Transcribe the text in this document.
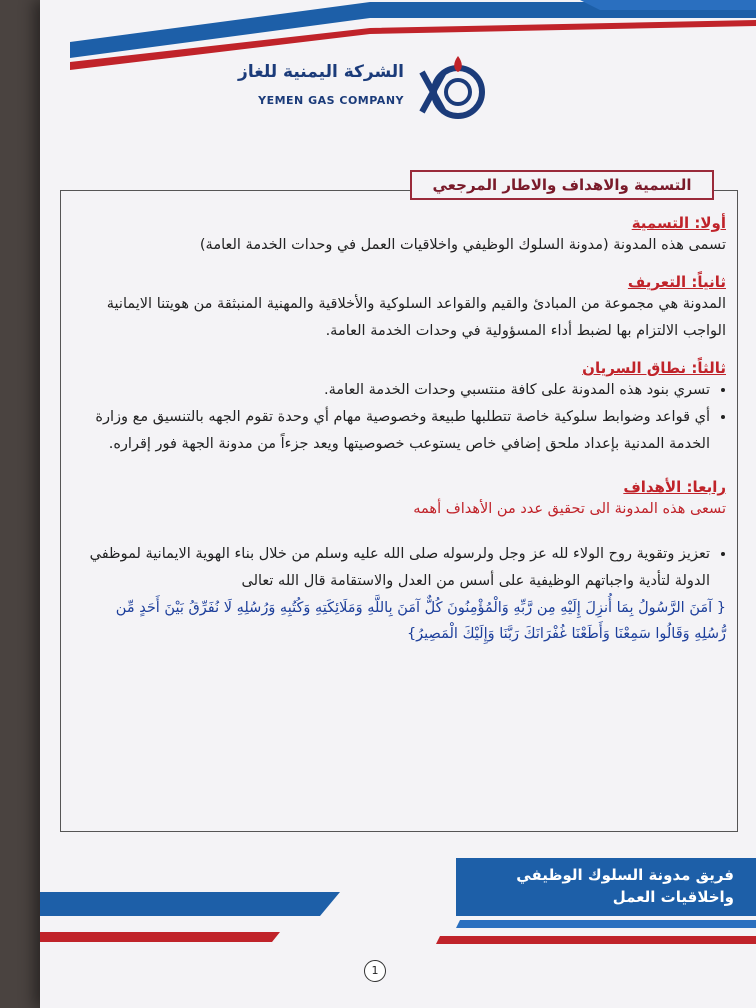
الشركة اليمنية للغاز
YEMEN GAS COMPANY
التسمية والاهداف والاطار المرجعي

أولا: التسمية

تسمى هذه المدونة (مدونة السلوك الوظيفي واخلاقيات العمل في وحدات الخدمة العامة)

ثانياً: التعريف

المدونة هي مجموعة من المبادئ والقيم والقواعد السلوكية والأخلاقية والمهنية المنبثقة من هويتنا الايمانية الواجب الالتزام بها لضبط أداء المسؤولية في وحدات الخدمة العامة.

ثالثاً: نطاق السريان

• تسري بنود هذه المدونة على كافة منتسبي وحدات الخدمة العامة.
• أي قواعد وضوابط سلوكية خاصة تتطلبها طبيعة وخصوصية مهام أي وحدة تقوم الجهه بالتنسيق مع وزارة الخدمة المدنية بإعداد ملحق إضافي خاص يستوعب خصوصيتها ويعد جزءاً من مدونة الجهة فور إقراره.

رابعا: الأهداف

تسعى هذه المدونة الى تحقيق عدد من الأهداف أهمه

• تعزيز وتقوية روح الولاء لله عز وجل ولرسوله صلى الله عليه وسلم من خلال بناء الهوية الايمانية لموظفي الدولة لتأدية واجباتهم الوظيفية على أسس من العدل والاستقامة قال الله تعالى

{ آمَنَ الرَّسُولُ بِمَا أُنزِلَ إِلَيْهِ مِن رَّبِّهِ وَالْمُؤْمِنُونَ كُلٌّ آمَنَ بِاللَّهِ وَمَلَائِكَتِهِ وَكُتُبِهِ وَرُسُلِهِ لَا نُفَرِّقُ بَيْنَ أَحَدٍ مِّن رُّسُلِهِ وَقَالُوا سَمِعْنَا وَأَطَعْنَا غُفْرَانَكَ رَبَّنَا وَإِلَيْكَ الْمَصِيرُ}

فريق مدونة السلوك الوظيفي
واخلاقيات العمل
1
